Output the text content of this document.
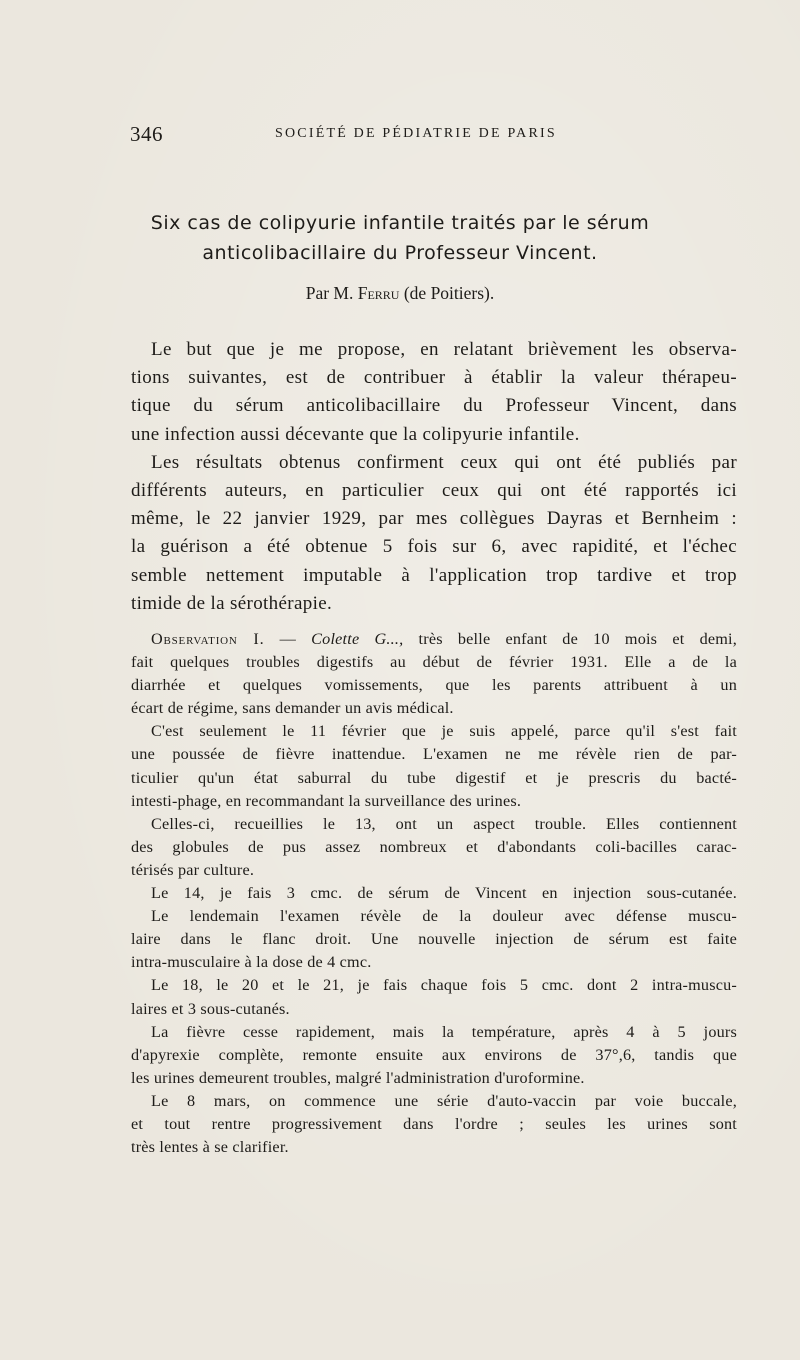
346	SOCIÉTÉ DE PÉDIATRIE DE PARIS
Six cas de colipyurie infantile traités par le sérum
anticolibacillaire du Professeur Vincent.
Par M. Ferru (de Poitiers).
Le but que je me propose, en relatant brièvement les observa-
tions suivantes, est de contribuer à établir la valeur thérapeu-
tique du sérum anticolibacillaire du Professeur Vincent, dans
une infection aussi décevante que la colipyurie infantile.
Les résultats obtenus confirment ceux qui ont été publiés par
différents auteurs, en particulier ceux qui ont été rapportés ici
même, le 22 janvier 1929, par mes collègues Dayras et Bernheim :
la guérison a été obtenue 5 fois sur 6, avec rapidité, et l'échec
semble nettement imputable à l'application trop tardive et trop
timide de la sérothérapie.
Observation I. — Colette G..., très belle enfant de 10 mois et demi,
fait quelques troubles digestifs au début de février 1931. Elle a de la
diarrhée et quelques vomissements, que les parents attribuent à un
écart de régime, sans demander un avis médical.
C'est seulement le 11 février que je suis appelé, parce qu'il s'est fait
une poussée de fièvre inattendue. L'examen ne me révèle rien de par-
ticulier qu'un état saburral du tube digestif et je prescris du bacté-
intesti-phage, en recommandant la surveillance des urines.
Celles-ci, recueillies le 13, ont un aspect trouble. Elles contiennent
des globules de pus assez nombreux et d'abondants coli-bacilles carac-
térisés par culture.
Le 14, je fais 3 cmc. de sérum de Vincent en injection sous-cutanée.
Le lendemain l'examen révèle de la douleur avec défense muscu-
laire dans le flanc droit. Une nouvelle injection de sérum est faite
intra-musculaire à la dose de 4 cmc.
Le 18, le 20 et le 21, je fais chaque fois 5 cmc. dont 2 intra-muscu-
laires et 3 sous-cutanés.
La fièvre cesse rapidement, mais la température, après 4 à 5 jours
d'apyrexie complète, remonte ensuite aux environs de 37°,6, tandis que
les urines demeurent troubles, malgré l'administration d'uroformine.
Le 8 mars, on commence une série d'auto-vaccin par voie buccale,
et tout rentre progressivement dans l'ordre ; seules les urines sont
très lentes à se clarifier.
